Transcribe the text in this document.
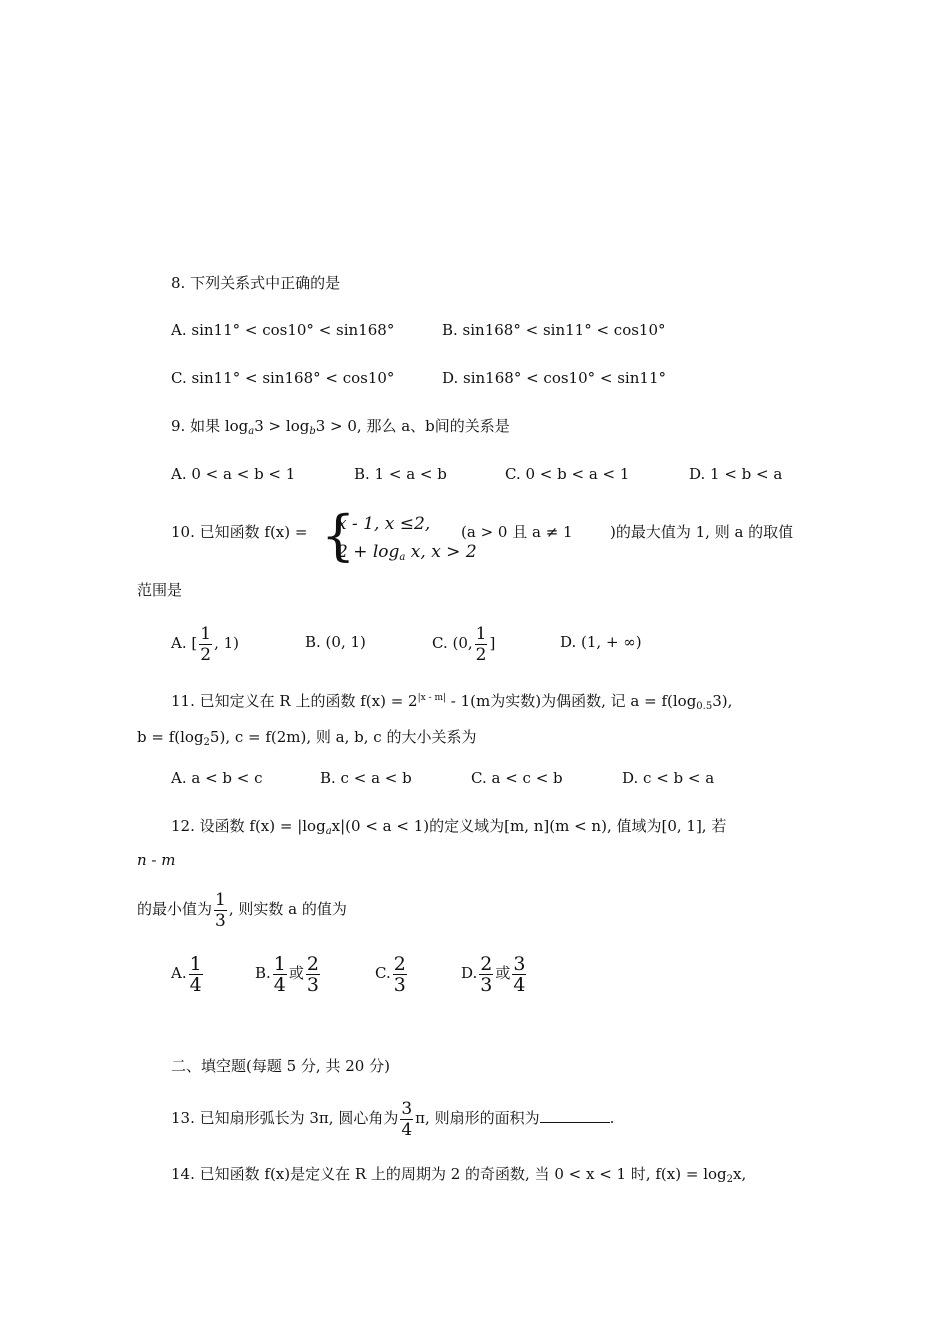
8. 下列关系式中正确的是
A. sin11° < cos10° < sin168°	B. sin168° < sin11° < cos10°
C. sin11° < sin168° < cos10°	D. sin168° < cos10° < sin11°
9. 如果 $\log_a3 > \log_b3 > 0$, 那么 a、b间的关系是
A. 0 < a < b < 1	B. 1 < a < b	C. 0 < b < a < 1	D. 1 < b < a
10. 已知函数 f(x) = {
x - 1, x ≤2,
$2 + \log_a x$, x > 2
(a > 0 且 a ≠ 1 )的最大值为 1, 则 a 的取值
范围是
A. [ $\frac{1}{2}$ , 1)	B. (0, 1)	C. (0, $\frac{1}{2}$ ]	D. (1, + ∞)
11. 已知定义在 R 上的函数 $f(x) = 2^{|x - m|} - 1(m$为实数)为偶函数, 记 $a = f(\log_{0.5}3)$,
$b = f(\log_25)$, c = f(2m), 则 a, b, c 的大小关系为
A. a < b < c	B. c < a < b	C. a < c < b	D. c < b < a
12. 设函数 $f(x) = |\log_ax|(0 < a < 1)$的定义域为[m, n](m < n), 值域为[0, 1], 若
n - m
的最小值为 $\frac{1}{3}$ , 则实数 a 的值为
A. $\frac{1}{4}$	B. $\frac{1}{4}$ 或 $\frac{2}{3}$	C. $\frac{2}{3}$	D. $\frac{2}{3}$ 或 $\frac{3}{4}$
二、填空题(每题 5 分, 共 20 分)
13. 已知扇形弧长为 3π, 圆心角为 $\frac{3}{4} \pi$, 则扇形的面积为	.
14. 已知函数 f(x)是定义在 R 上的周期为 2 的奇函数, 当 0 < x < 1 时, $f(x) = \log_2x$,
